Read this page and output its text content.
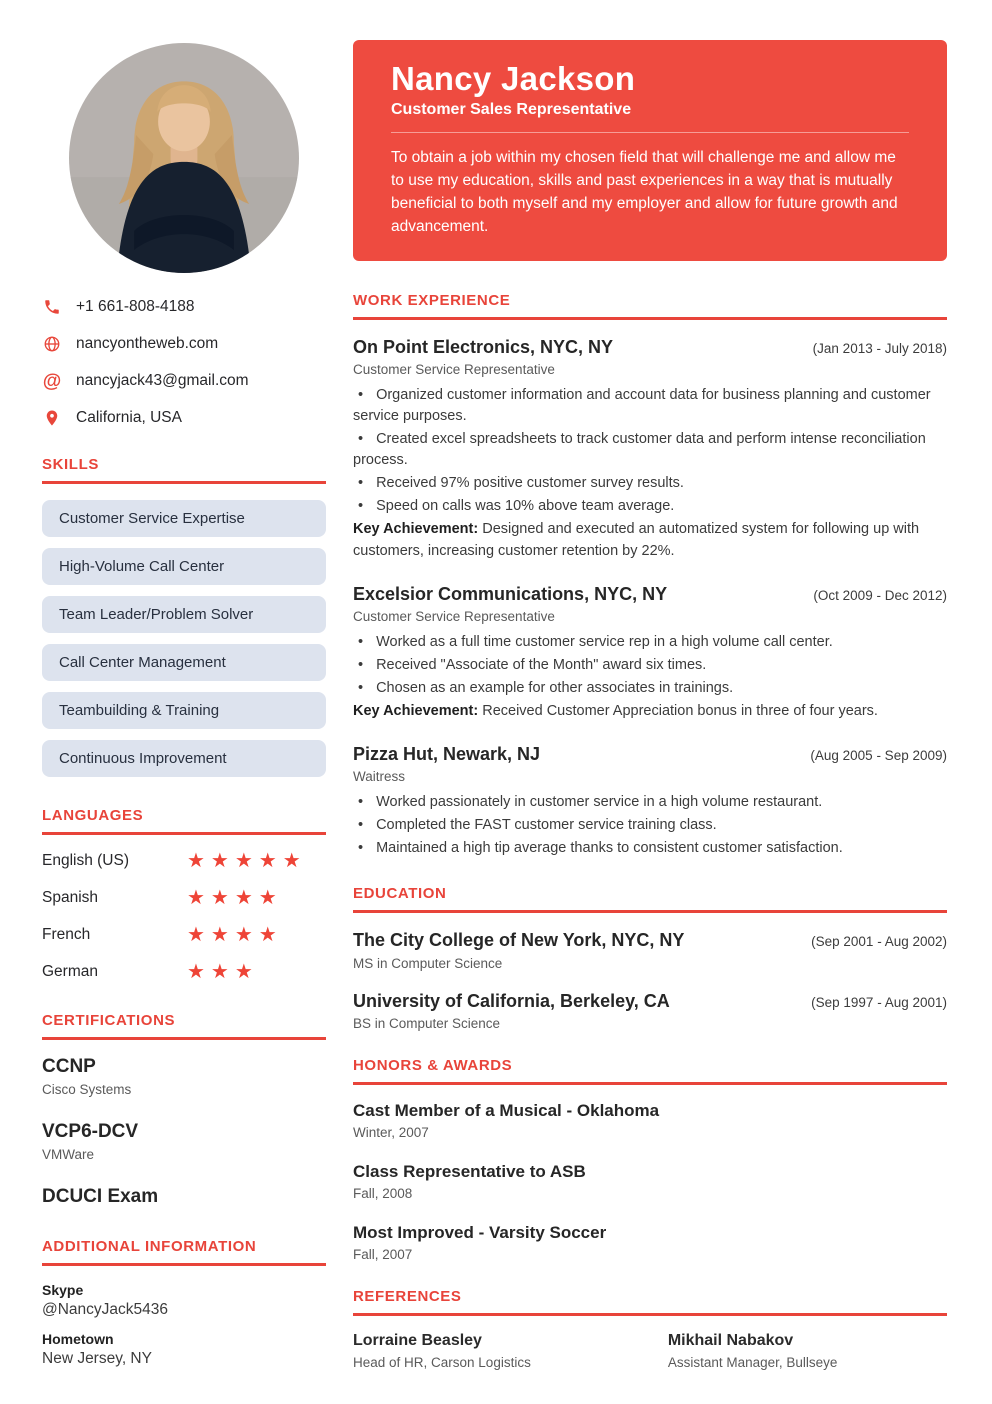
+1 661-808-4188
nancyontheweb.com
@ nancyjack43@gmail.com
California, USA
SKILLS
Customer Service Expertise
High-Volume Call Center
Team Leader/Problem Solver
Call Center Management
Teambuilding & Training
Continuous Improvement
LANGUAGES
English (US)	★★★★★
Spanish	★★★★
French	★★★★
German	★★★
CERTIFICATIONS
CCNP
Cisco Systems
VCP6-DCV
VMWare
DCUCI Exam
ADDITIONAL INFORMATION
Skype
@NancyJack5436
Hometown
New Jersey, NY
Nancy Jackson
Customer Sales Representative
To obtain a job within my chosen field that will challenge me and allow me to use my education, skills and past experiences in a way that is mutually beneficial to both myself and my employer and allow for future growth and advancement.
WORK EXPERIENCE
On Point Electronics, NYC, NY	(Jan 2013 - July 2018)
Customer Service Representative
• Organized customer information and account data for business planning and customer service purposes.
• Created excel spreadsheets to track customer data and perform intense reconciliation process.
• Received 97% positive customer survey results.
• Speed on calls was 10% above team average.

Key Achievement: Designed and executed an automatized system for following up with customers, increasing customer retention by 22%.

Excelsior Communications, NYC, NY	(Oct 2009 - Dec 2012)
Customer Service Representative
• Worked as a full time customer service rep in a high volume call center.
• Received "Associate of the Month" award six times.
• Chosen as an example for other associates in trainings.

Key Achievement: Received Customer Appreciation bonus in three of four years.

Pizza Hut, Newark, NJ	(Aug 2005 - Sep 2009)
Waitress
• Worked passionately in customer service in a high volume restaurant.
• Completed the FAST customer service training class.
• Maintained a high tip average thanks to consistent customer satisfaction.
EDUCATION
The City College of New York, NYC, NY	(Sep 2001 - Aug 2002)
MS in Computer Science
University of California, Berkeley, CA	(Sep 1997 - Aug 2001)
BS in Computer Science
HONORS & AWARDS
Cast Member of a Musical - Oklahoma
Winter, 2007
Class Representative to ASB
Fall, 2008
Most Improved - Varsity Soccer
Fall, 2007
REFERENCES
Lorraine Beasley
Head of HR, Carson Logistics
Mikhail Nabakov
Assistant Manager, Bullseye
